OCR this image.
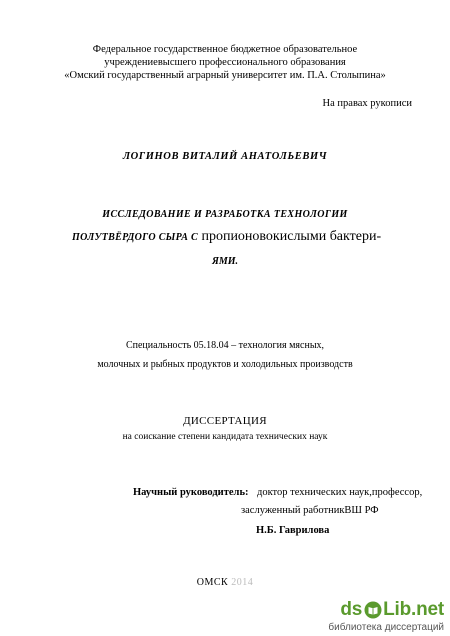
Федеральное государственное бюджетное образовательное
учреждениевысшего профессионального образования
«Омский государственный аграрный университет им. П.А. Столыпина»
На правах рукописи
ЛОГИНОВ ВИТАЛИЙ АНАТОЛЬЕВИЧ
ИССЛЕДОВАНИЕ И РАЗРАБОТКА ТЕХНОЛОГИИ
ПОЛУТВЁРДОГО СЫРА С пропионовокислыми бактери-
ЯМИ.
Специальность 05.18.04 – технология мясных,
молочных и рыбных продуктов и холодильных производств
ДИССЕРТАЦИЯ
на соискание степени кандидата технических наук
Научный руководитель: доктор технических наук,профессор,
заслуженный работникВШ РФ
Н.Б. Гаврилова
ОМСК 2014
ds Lib.net
библиотека диссертаций
